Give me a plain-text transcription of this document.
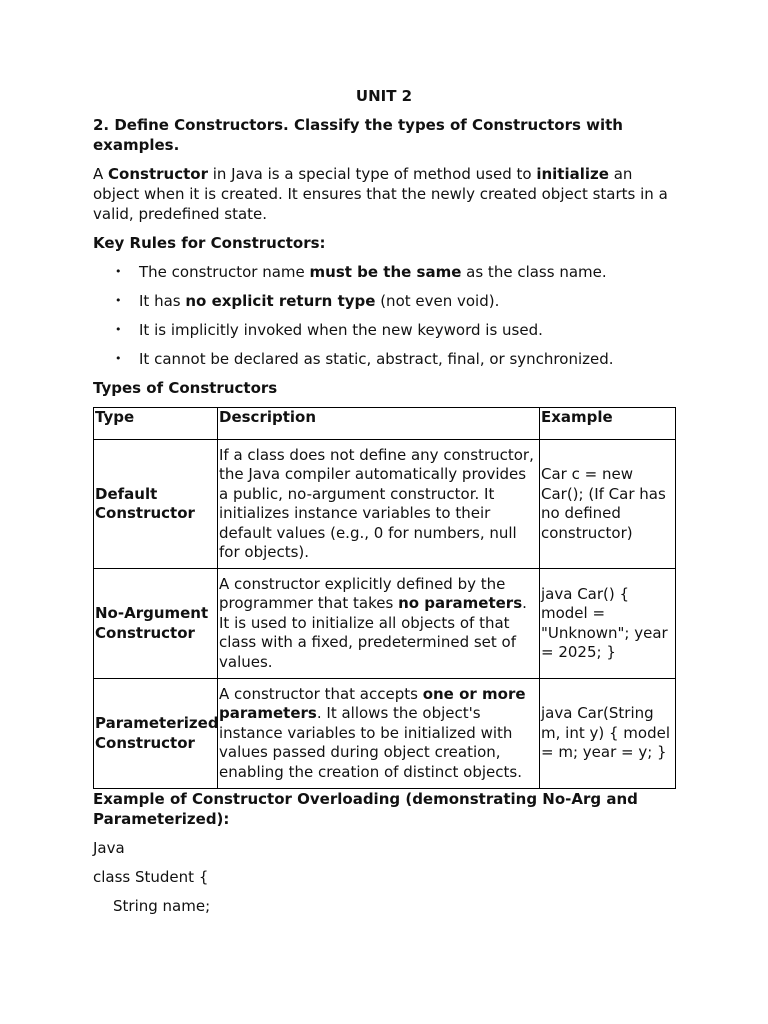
UNIT 2
2. Define Constructors. Classify the types of Constructors with examples.

A Constructor in Java is a special type of method used to initialize an object when it is created. It ensures that the newly created object starts in a valid, predefined state.

Key Rules for Constructors:
• The constructor name must be the same as the class name.
• It has no explicit return type (not even void).
• It is implicitly invoked when the new keyword is used.
• It cannot be declared as static, abstract, final, or synchronized.
Types of Constructors
Type	Description	Example
Default Constructor	If a class does not define any constructor, the Java compiler automatically provides a public, no-argument constructor. It initializes instance variables to their default values (e.g., 0 for numbers, null for objects).	Car c = new Car(); (If Car has no defined constructor)
No-Argument Constructor	A constructor explicitly defined by the programmer that takes no parameters. It is used to initialize all objects of that class with a fixed, predetermined set of values.	java Car() { model = "Unknown"; year = 2025; }
Parameterized Constructor	A constructor that accepts one or more parameters. It allows the object's instance variables to be initialized with values passed during object creation, enabling the creation of distinct objects.	java Car(String m, int y) { model = m; year = y; }
Example of Constructor Overloading (demonstrating No-Arg and Parameterized):
Java
class Student {
String name;
